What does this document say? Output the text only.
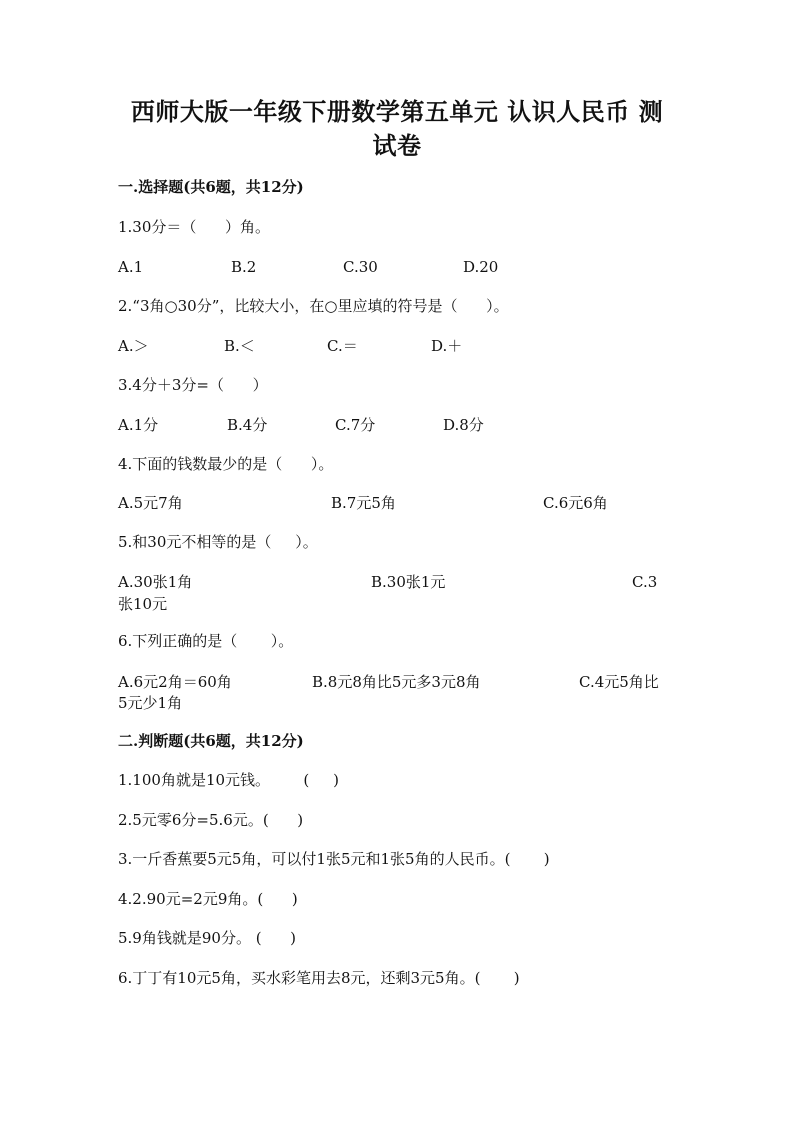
西师大版一年级下册数学第五单元 认识人民币 测
试卷
一.选择题(共6题，共12分)
1.30分＝（      ）角。
A.1	B.2	C.30	D.20
2.“3角○30分”，比较大小，在○里应填的符号是（      ）。
A.＞	B.＜	C.＝	D.＋
3.4分＋3分=（      ）
A.1分	B.4分	C.7分	D.8分
4.下面的钱数最少的是（      ）。
A.5元7角	B.7元5角	C.6元6角
5.和30元不相等的是（     ）。
A.30张1角	B.30张1元	C.3
张10元
6.下列正确的是（       ）。
A.6元2角＝60角	B.8元8角比5元多3元8角	C.4元5角比
5元少1角
二.判断题(共6题，共12分)
1.100角就是10元钱。       (     )
2.5元零6分=5.6元。(      )
3.一斤香蕉要5元5角，可以付1张5元和1张5角的人民币。(       )
4.2.90元=2元9角。(      )
5.9角钱就是90分。 (      )
6.丁丁有10元5角，买水彩笔用去8元，还剩3元5角。(       )
